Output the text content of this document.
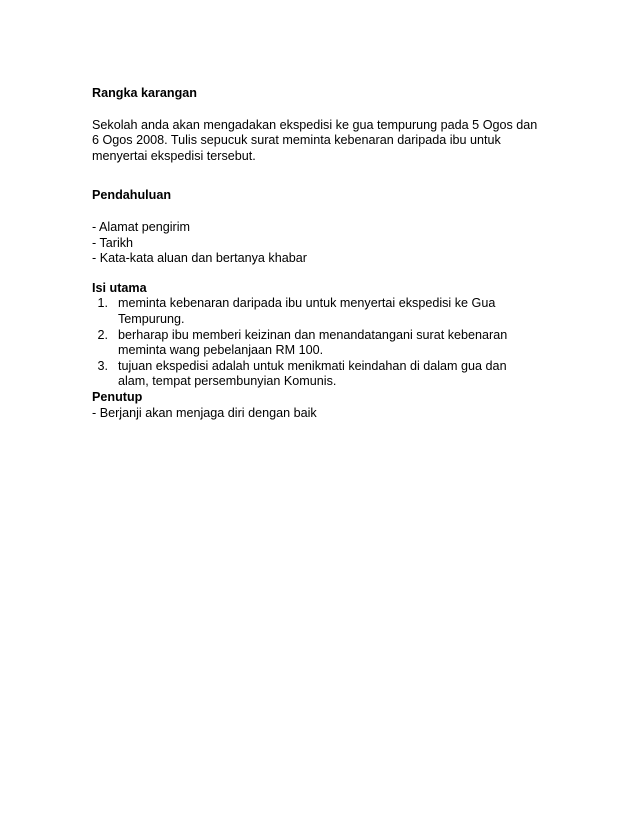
Rangka karangan

Sekolah anda akan mengadakan ekspedisi ke gua tempurung pada 5 Ogos dan
6 Ogos 2008. Tulis sepucuk surat meminta kebenaran daripada ibu untuk
menyertai ekspedisi tersebut.

Pendahuluan

- Alamat pengirim
- Tarikh
- Kata-kata aluan dan bertanya khabar

Isi utama

1. meminta kebenaran daripada ibu untuk menyertai ekspedisi ke Gua
Tempurung.
2. berharap ibu memberi keizinan dan menandatangani surat kebenaran
meminta wang pebelanjaan RM 100.
3. tujuan ekspedisi adalah untuk menikmati keindahan di dalam gua dan
alam, tempat persembunyian Komunis.

Penutup

- Berjanji akan menjaga diri dengan baik
